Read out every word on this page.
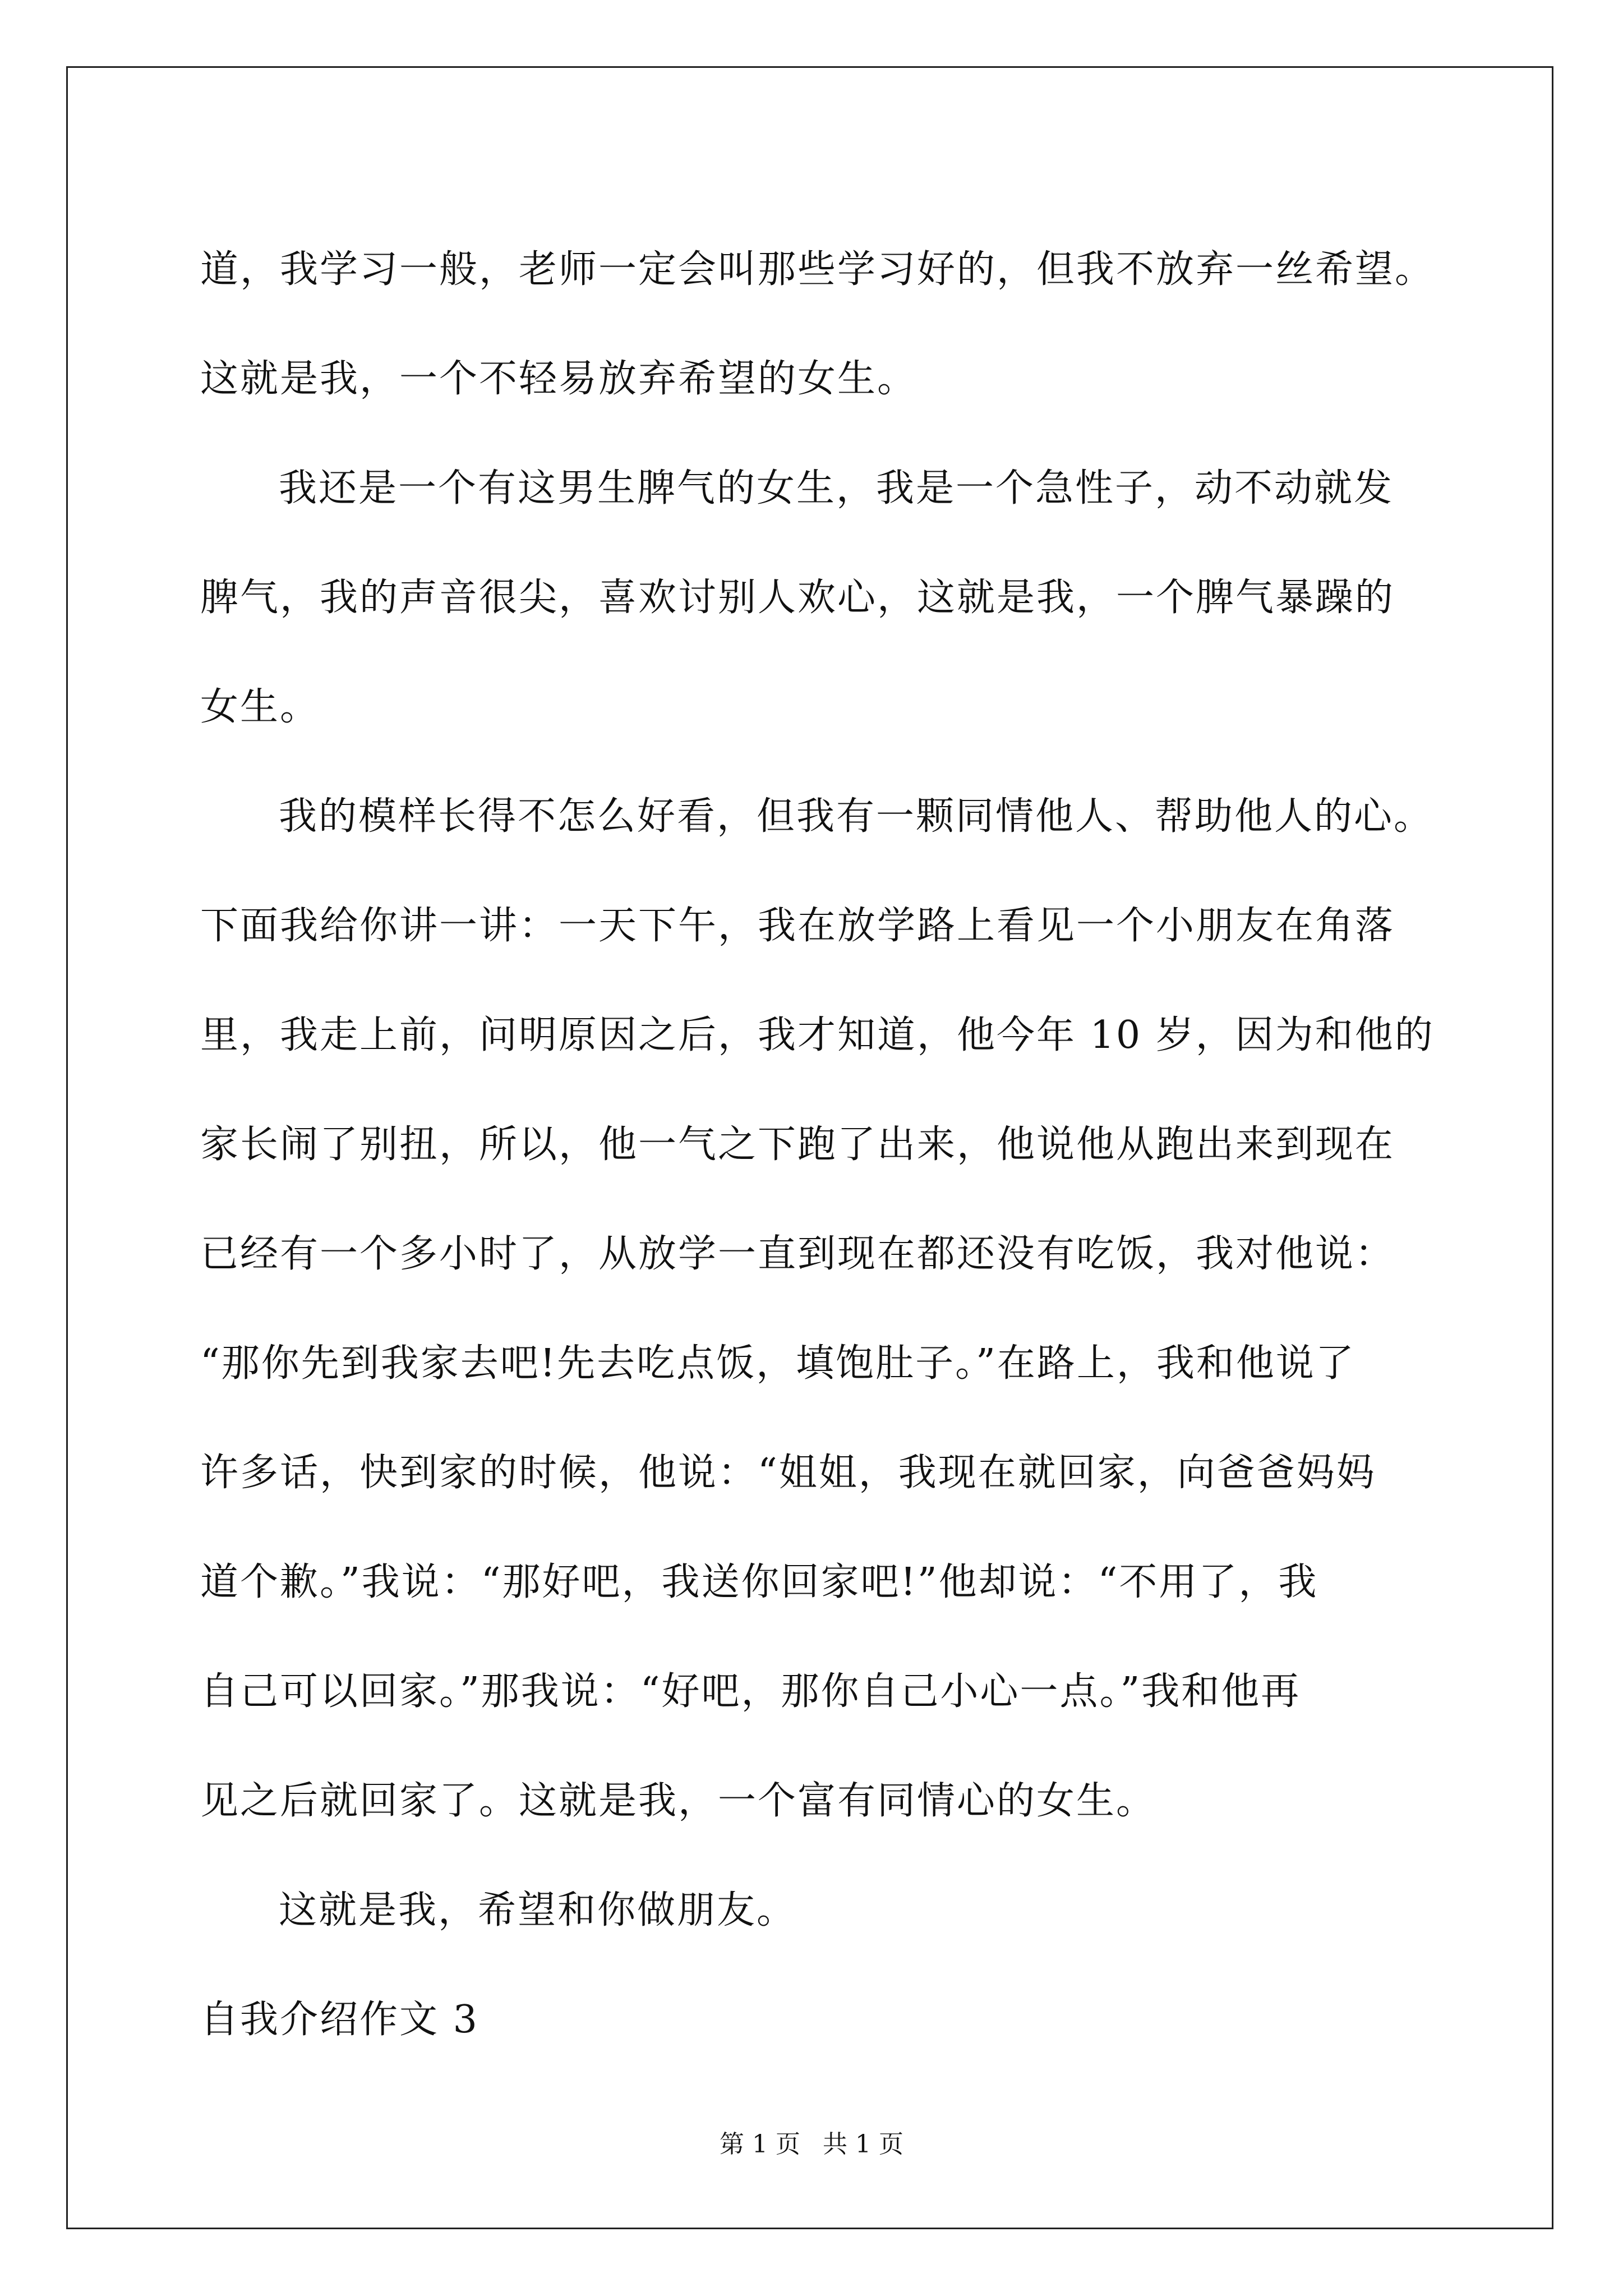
道，我学习一般，老师一定会叫那些学习好的，但我不放弃一丝希望。
这就是我，一个不轻易放弃希望的女生。
我还是一个有这男生脾气的女生，我是一个急性子，动不动就发
脾气，我的声音很尖，喜欢讨别人欢心，这就是我，一个脾气暴躁的
女生。
我的模样长得不怎么好看，但我有一颗同情他人、帮助他人的心。
下面我给你讲一讲：一天下午，我在放学路上看见一个小朋友在角落
里，我走上前，问明原因之后，我才知道，他今年 10 岁，因为和他的
家长闹了别扭，所以，他一气之下跑了出来，他说他从跑出来到现在
已经有一个多小时了，从放学一直到现在都还没有吃饭，我对他说：
“那你先到我家去吧!先去吃点饭，填饱肚子。”在路上，我和他说了
许多话，快到家的时候，他说：“姐姐，我现在就回家，向爸爸妈妈
道个歉。”我说：“那好吧，我送你回家吧!”他却说：“不用了，我
自己可以回家。”那我说：“好吧，那你自己小心一点。”我和他再
见之后就回家了。这就是我，一个富有同情心的女生。
这就是我，希望和你做朋友。
自我介绍作文 3
第 1 页 共 1 页
